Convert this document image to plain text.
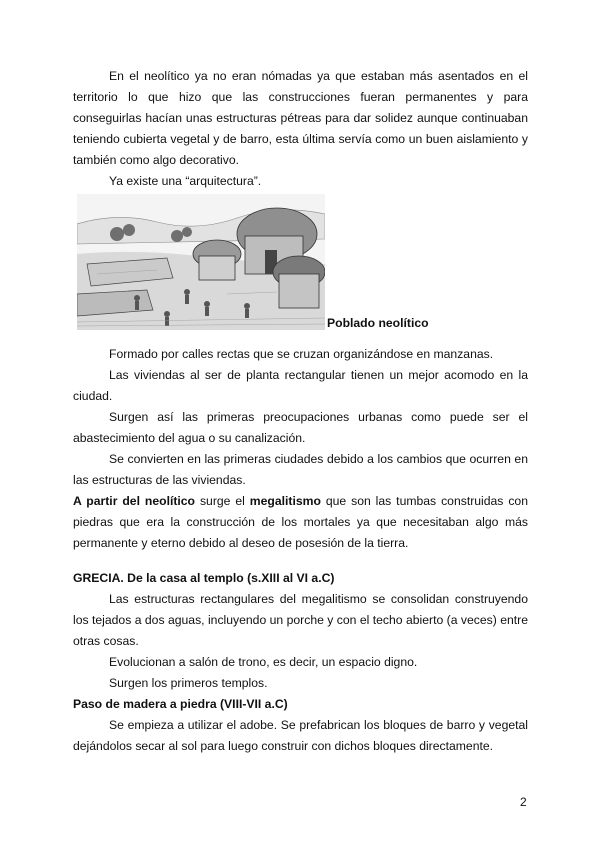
En el neolítico ya no eran nómadas ya que estaban más asentados en el territorio lo que hizo que las construcciones fueran permanentes y para conseguirlas hacían unas estructuras pétreas para dar solidez aunque continuaban teniendo cubierta vegetal y de barro, esta última servía como un buen aislamiento y también como algo decorativo.

Ya existe una “arquitectura”.

Poblado neolítico

Formado por calles rectas que se cruzan organizándose en manzanas.

Las viviendas al ser de planta rectangular tienen un mejor acomodo en la ciudad.

Surgen así las primeras preocupaciones urbanas como puede ser el abastecimiento del agua o su canalización.

Se convierten en las primeras ciudades debido a los cambios que ocurren en las estructuras de las viviendas.

A partir del neolítico surge el megalitismo que son las tumbas construidas con piedras que era la construcción de los mortales ya que necesitaban algo más permanente y eterno debido al deseo de posesión de la tierra.

GRECIA. De la casa al templo (s.XIII al VI a.C)

Las estructuras rectangulares del megalitismo se consolidan construyendo los tejados a dos aguas, incluyendo un porche y con el techo abierto (a veces) entre otras cosas.

Evolucionan a salón de trono, es decir, un espacio digno.

Surgen los primeros templos.

Paso de madera a piedra (VIII-VII a.C)

Se empieza a utilizar el adobe. Se prefabrican los bloques de barro y vegetal dejándolos secar al sol para luego construir con dichos bloques directamente.

2
